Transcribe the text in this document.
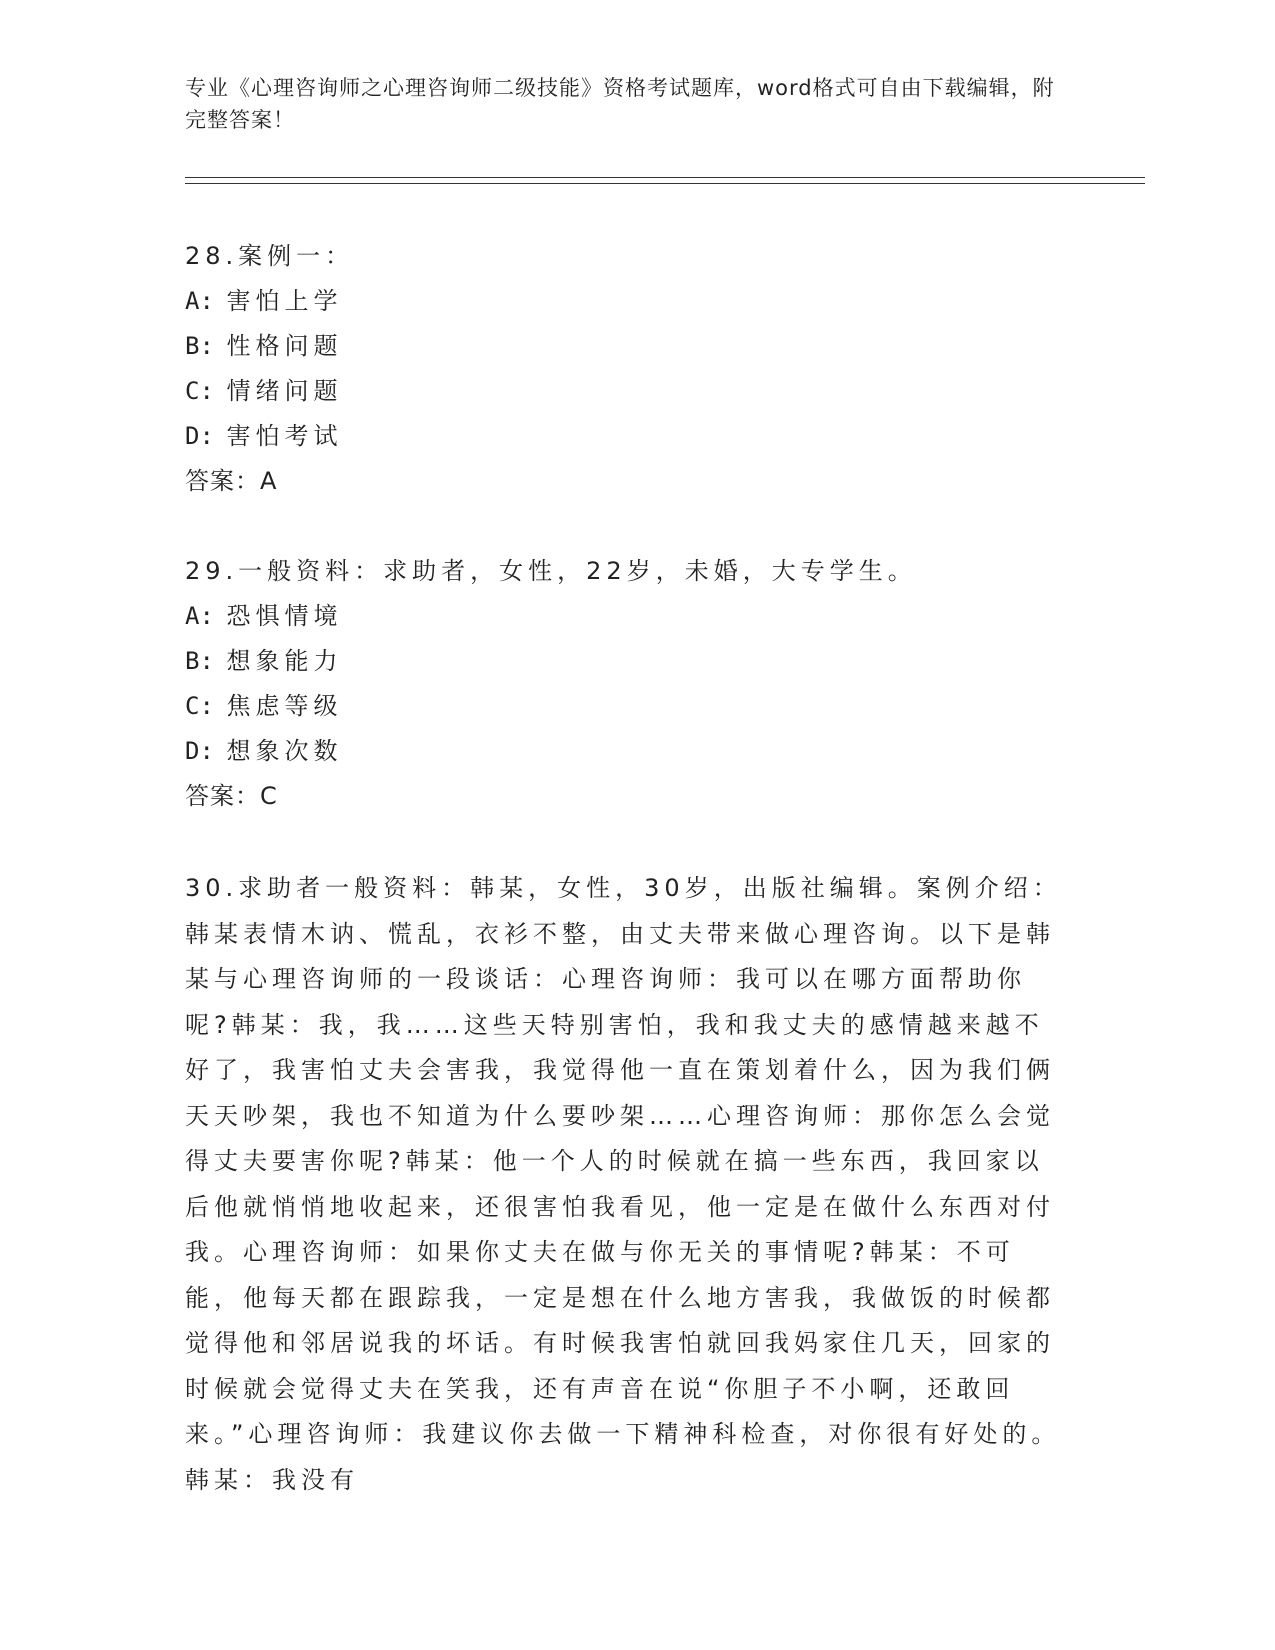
专业《心理咨询师之心理咨询师二级技能》资格考试题库，word格式可自由下载编辑，附完整答案！
28.案例一：
A: 害怕上学
B: 性格问题
C: 情绪问题
D: 害怕考试
答案：A
29.一般资料：求助者，女性，22岁，未婚，大专学生。
A: 恐惧情境
B: 想象能力
C: 焦虑等级
D: 想象次数
答案：C
30.求助者一般资料：韩某，女性，30岁，出版社编辑。案例介绍：韩某表情木讷、慌乱，衣衫不整，由丈夫带来做心理咨询。以下是韩某与心理咨询师的一段谈话：心理咨询师：我可以在哪方面帮助你呢?韩某：我，我……这些天特别害怕，我和我丈夫的感情越来越不好了，我害怕丈夫会害我，我觉得他一直在策划着什么，因为我们俩天天吵架，我也不知道为什么要吵架……心理咨询师：那你怎么会觉得丈夫要害你呢?韩某：他一个人的时候就在搞一些东西，我回家以后他就悄悄地收起来，还很害怕我看见，他一定是在做什么东西对付我。心理咨询师：如果你丈夫在做与你无关的事情呢?韩某：不可能，他每天都在跟踪我，一定是想在什么地方害我，我做饭的时候都觉得他和邻居说我的坏话。有时候我害怕就回我妈家住几天，回家的时候就会觉得丈夫在笑我，还有声音在说“你胆子不小啊，还敢回来。”心理咨询师：我建议你去做一下精神科检查，对你很有好处的。韩某：我没有
